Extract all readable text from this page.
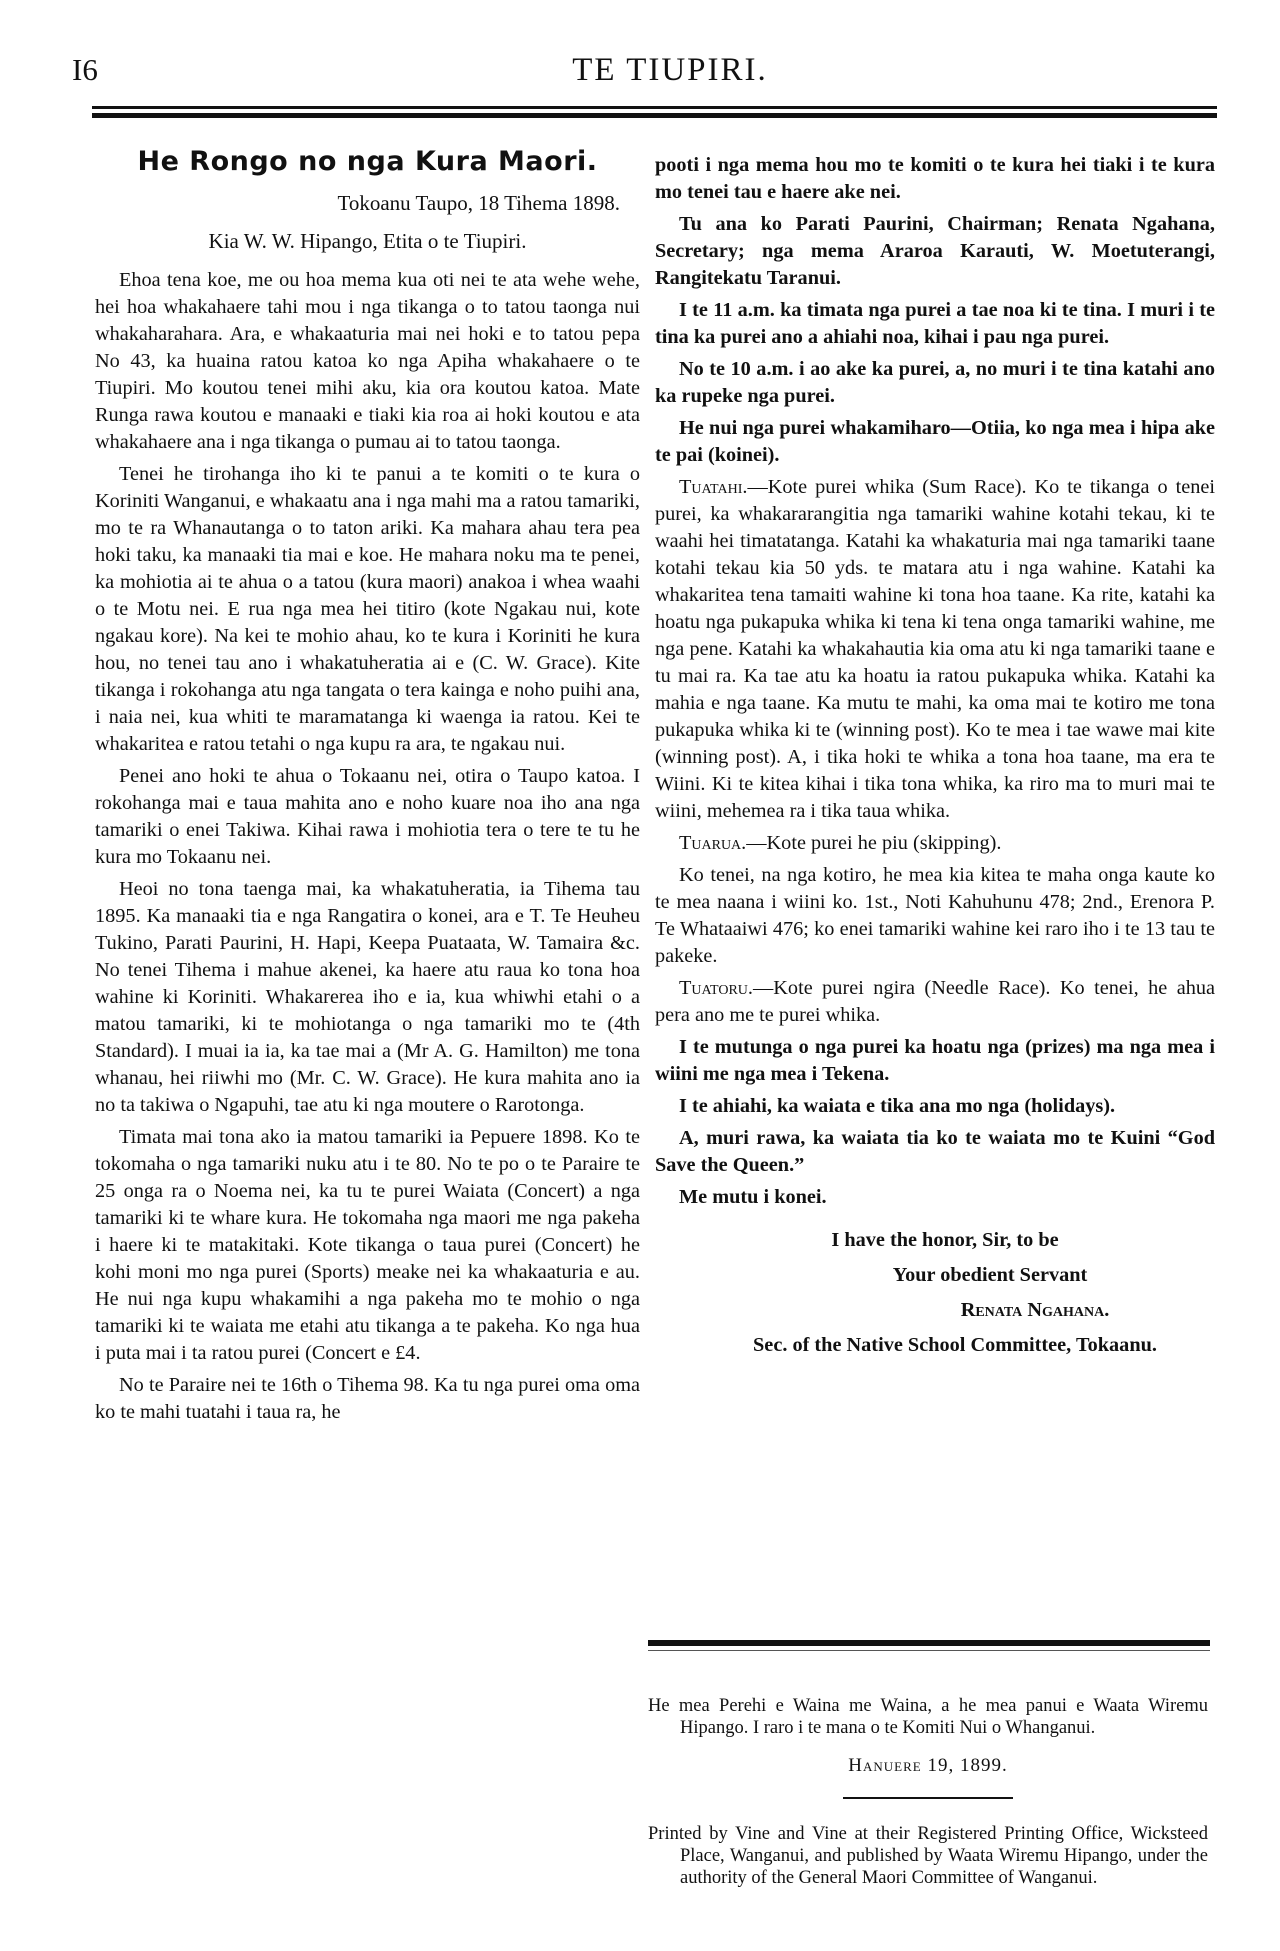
I6	TE TIUPIRI.
He Rongo no nga Kura Maori.
Tokoanu Taupo, 18 Tihema 1898.
Kia W. W. Hipango, Etita o te Tiupiri.

Ehoa tena koe, me ou hoa mema kua oti nei te ata wehe wehe, hei hoa whakahaere tahi mou i nga tikanga o to tatou taonga nui whakaharahara. Ara, e whakaaturia mai nei hoki e to tatou pepa No 43, ka huaina ratou katoa ko nga Apiha whakahaere o te Tiupiri. Mo koutou tenei mihi aku, kia ora koutou katoa. Mate Runga rawa koutou e manaaki e tiaki kia roa ai hoki koutou e ata whakahaere ana i nga tikanga o pumau ai to tatou taonga.

Tenei he tirohanga iho ki te panui a te komiti o te kura o Koriniti Wanganui, e whakaatu ana i nga mahi ma a ratou tamariki, mo te ra Whanautanga o to taton ariki. Ka mahara ahau tera pea hoki taku, ka manaaki tia mai e koe. He mahara noku ma te penei, ka mohiotia ai te ahua o a tatou (kura maori) anakoa i whea waahi o te Motu nei. E rua nga mea hei titiro (kote Ngakau nui, kote ngakau kore). Na kei te mohio ahau, ko te kura i Koriniti he kura hou, no tenei tau ano i whakatuheratia ai e (C. W. Grace). Kite tikanga i rokohanga atu nga tangata o tera kainga e noho puihi ana, i naia nei, kua whiti te maramatanga ki waenga ia ratou. Kei te whakaritea e ratou tetahi o nga kupu ra ara, te ngakau nui.

Penei ano hoki te ahua o Tokaanu nei, otira o Taupo katoa. I rokohanga mai e taua mahita ano e noho kuare noa iho ana nga tamariki o enei Takiwa. Kihai rawa i mohiotia tera o tere te tu he kura mo Tokaanu nei.

Heoi no tona taenga mai, ka whakatuheratia, ia Tihema tau 1895. Ka manaaki tia e nga Rangatira o konei, ara e T. Te Heuheu Tukino, Parati Paurini, H. Hapi, Keepa Puataata, W. Tamaira &c. No tenei Tihema i mahue akenei, ka haere atu raua ko tona hoa wahine ki Koriniti. Whakarerea iho e ia, kua whiwhi etahi o a matou tamariki, ki te mohiotanga o nga tamariki mo te (4th Standard). I muai ia ia, ka tae mai a (Mr A. G. Hamilton) me tona whanau, hei riiwhi mo (Mr. C. W. Grace). He kura mahita ano ia no ta takiwa o Ngapuhi, tae atu ki nga moutere o Rarotonga.

Timata mai tona ako ia matou tamariki ia Pepuere 1898. Ko te tokomaha o nga tamariki nuku atu i te 80. No te po o te Paraire te 25 onga ra o Noema nei, ka tu te purei Waiata (Concert) a nga tamariki ki te whare kura. He tokomaha nga maori me nga pakeha i haere ki te matakitaki. Kote tikanga o taua purei (Concert) he kohi moni mo nga purei (Sports) meake nei ka whakaaturia e au. He nui nga kupu whakamihi a nga pakeha mo te mohio o nga tamariki ki te waiata me etahi atu tikanga a te pakeha. Ko nga hua i puta mai i ta ratou purei (Concert e £4.

No te Paraire nei te 16th o Tihema 98. Ka tu nga purei oma oma ko te mahi tuatahi i taua ra, he

pooti i nga mema hou mo te komiti o te kura hei tiaki i te kura mo tenei tau e haere ake nei.

Tu ana ko Parati Paurini, Chairman; Renata Ngahana, Secretary; nga mema Araroa Karauti, W. Moetuterangi, Rangitekatu Taranui.

I te 11 a.m. ka timata nga purei a tae noa ki te tina. I muri i te tina ka purei ano a ahiahi noa, kihai i pau nga purei.

No te 10 a.m. i ao ake ka purei, a, no muri i te tina katahi ano ka rupeke nga purei.

He nui nga purei whakamiharo—Otiia, ko nga mea i hipa ake te pai (koinei).

Tuatahi.—Kote purei whika (Sum Race). Ko te tikanga o tenei purei, ka whakararangitia nga tamariki wahine kotahi tekau, ki te waahi hei timatatanga. Katahi ka whakaturia mai nga tamariki taane kotahi tekau kia 50 yds. te matara atu i nga wahine. Katahi ka whakaritea tena tamaiti wahine ki tona hoa taane. Ka rite, katahi ka hoatu nga pukapuka whika ki tena ki tena onga tamariki wahine, me nga pene. Katahi ka whakahautia kia oma atu ki nga tamariki taane e tu mai ra. Ka tae atu ka hoatu ia ratou pukapuka whika. Katahi ka mahia e nga taane. Ka mutu te mahi, ka oma mai te kotiro me tona pukapuka whika ki te (winning post). Ko te mea i tae wawe mai kite (winning post). A, i tika hoki te whika a tona hoa taane, ma era te Wiini. Ki te kitea kihai i tika tona whika, ka riro ma to muri mai te wiini, mehemea ra i tika taua whika.

Tuarua.—Kote purei he piu (skipping).

Ko tenei, na nga kotiro, he mea kia kitea te maha onga kaute ko te mea naana i wiini ko. 1st., Noti Kahuhunu 478; 2nd., Erenora P. Te Whataaiwi 476; ko enei tamariki wahine kei raro iho i te 13 tau te pakeke.

Tuatoru.—Kote purei ngira (Needle Race). Ko tenei, he ahua pera ano me te purei whika.

I te mutunga o nga purei ka hoatu nga (prizes) ma nga mea i wiini me nga mea i Tekena.

I te ahiahi, ka waiata e tika ana mo nga (holidays).

A, muri rawa, ka waiata tia ko te waiata mo te Kuini “God Save the Queen.”

Me mutu i konei.

I have the honor, Sir, to be
Your obedient Servant
Renata Ngahana.
Sec. of the Native School Committee, Tokaanu.

He mea Perehi e Waina me Waina, a he mea panui e Waata Wiremu Hipango. I raro i te mana o te Komiti Nui o Whanganui.

Hanuere 19, 1899.

Printed by Vine and Vine at their Registered Printing Office, Wicksteed Place, Wanganui, and published by Waata Wiremu Hipango, under the authority of the General Maori Committee of Wanganui.
